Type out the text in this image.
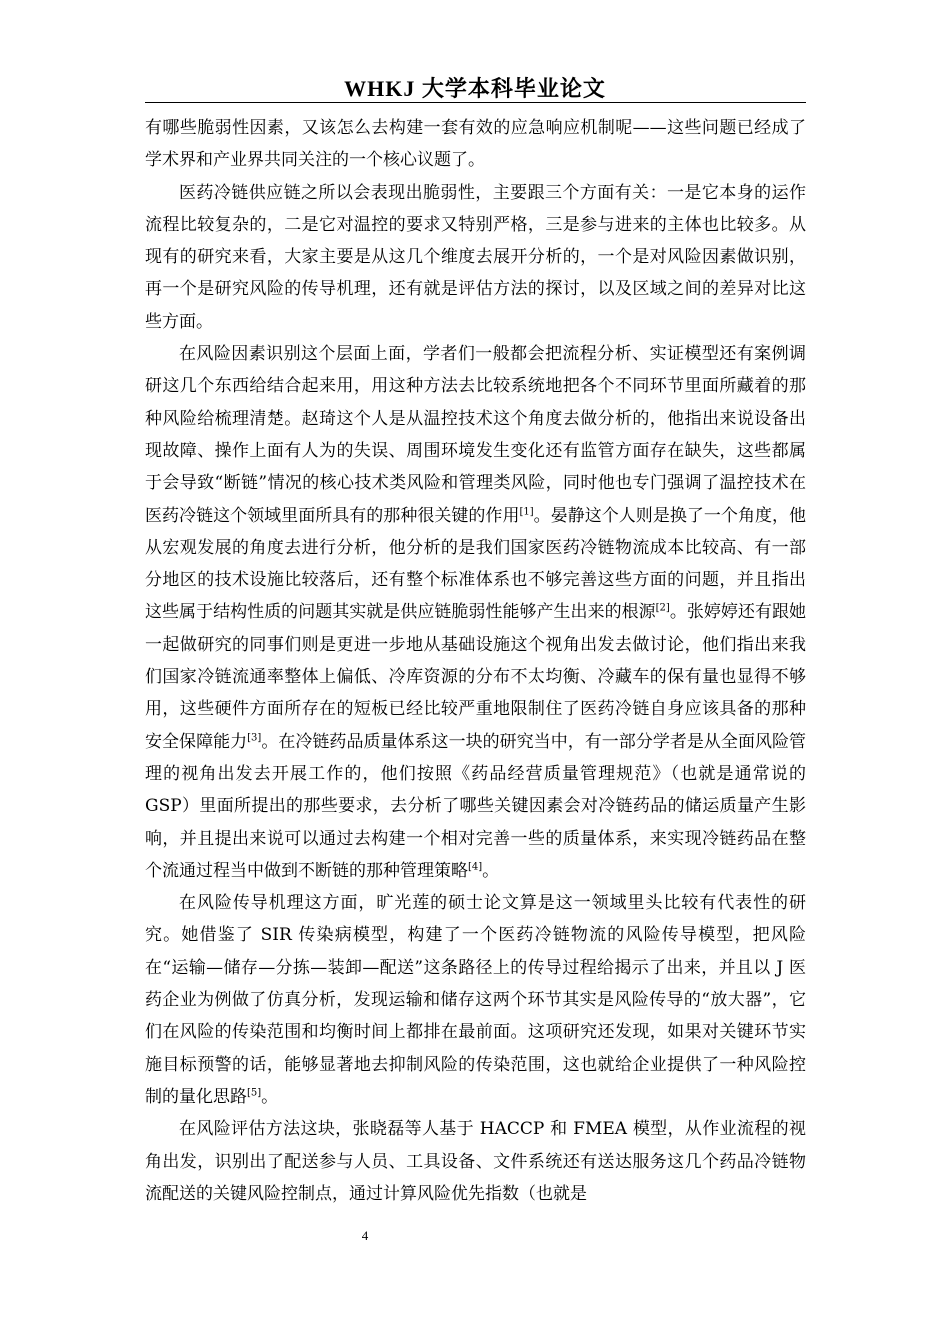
WHKJ 大学本科毕业论文

有哪些脆弱性因素，又该怎么去构建一套有效的应急响应机制呢——这些问题已经成了学术界和产业界共同关注的一个核心议题了。

医药冷链供应链之所以会表现出脆弱性，主要跟三个方面有关：一是它本身的运作流程比较复杂的，二是它对温控的要求又特别严格，三是参与进来的主体也比较多。从现有的研究来看，大家主要是从这几个维度去展开分析的，一个是对风险因素做识别，再一个是研究风险的传导机理，还有就是评估方法的探讨，以及区域之间的差异对比这些方面。

在风险因素识别这个层面上面，学者们一般都会把流程分析、实证模型还有案例调研这几个东西给结合起来用，用这种方法去比较系统地把各个不同环节里面所藏着的那种风险给梳理清楚。赵琦这个人是从温控技术这个角度去做分析的，他指出来说设备出现故障、操作上面有人为的失误、周围环境发生变化还有监管方面存在缺失，这些都属于会导致“断链”情况的核心技术类风险和管理类风险，同时他也专门强调了温控技术在医药冷链这个领域里面所具有的那种很关键的作用[1]。晏静这个人则是换了一个角度，他从宏观发展的角度去进行分析，他分析的是我们国家医药冷链物流成本比较高、有一部分地区的技术设施比较落后，还有整个标准体系也不够完善这些方面的问题，并且指出这些属于结构性质的问题其实就是供应链脆弱性能够产生出来的根源[2]。张婷婷还有跟她一起做研究的同事们则是更进一步地从基础设施这个视角出发去做讨论，他们指出来我们国家冷链流通率整体上偏低、冷库资源的分布不太均衡、冷藏车的保有量也显得不够用，这些硬件方面所存在的短板已经比较严重地限制住了医药冷链自身应该具备的那种安全保障能力[3]。在冷链药品质量体系这一块的研究当中，有一部分学者是从全面风险管理的视角出发去开展工作的，他们按照《药品经营质量管理规范》（也就是通常说的 GSP）里面所提出的那些要求，去分析了哪些关键因素会对冷链药品的储运质量产生影响，并且提出来说可以通过去构建一个相对完善一些的质量体系，来实现冷链药品在整个流通过程当中做到不断链的那种管理策略[4]。

在风险传导机理这方面，旷光莲的硕士论文算是这一领域里头比较有代表性的研究。她借鉴了 SIR 传染病模型，构建了一个医药冷链物流的风险传导模型，把风险在“运输—储存—分拣—装卸—配送”这条路径上的传导过程给揭示了出来，并且以 J 医药企业为例做了仿真分析，发现运输和储存这两个环节其实是风险传导的“放大器”，它们在风险的传染范围和均衡时间上都排在最前面。这项研究还发现，如果对关键环节实施目标预警的话，能够显著地去抑制风险的传染范围，这也就给企业提供了一种风险控制的量化思路[5]。

在风险评估方法这块，张晓磊等人基于 HACCP 和 FMEA 模型，从作业流程的视角出发，识别出了配送参与人员、工具设备、文件系统还有送达服务这几个药品冷链物流配送的关键风险控制点，通过计算风险优先指数（也就是

4
